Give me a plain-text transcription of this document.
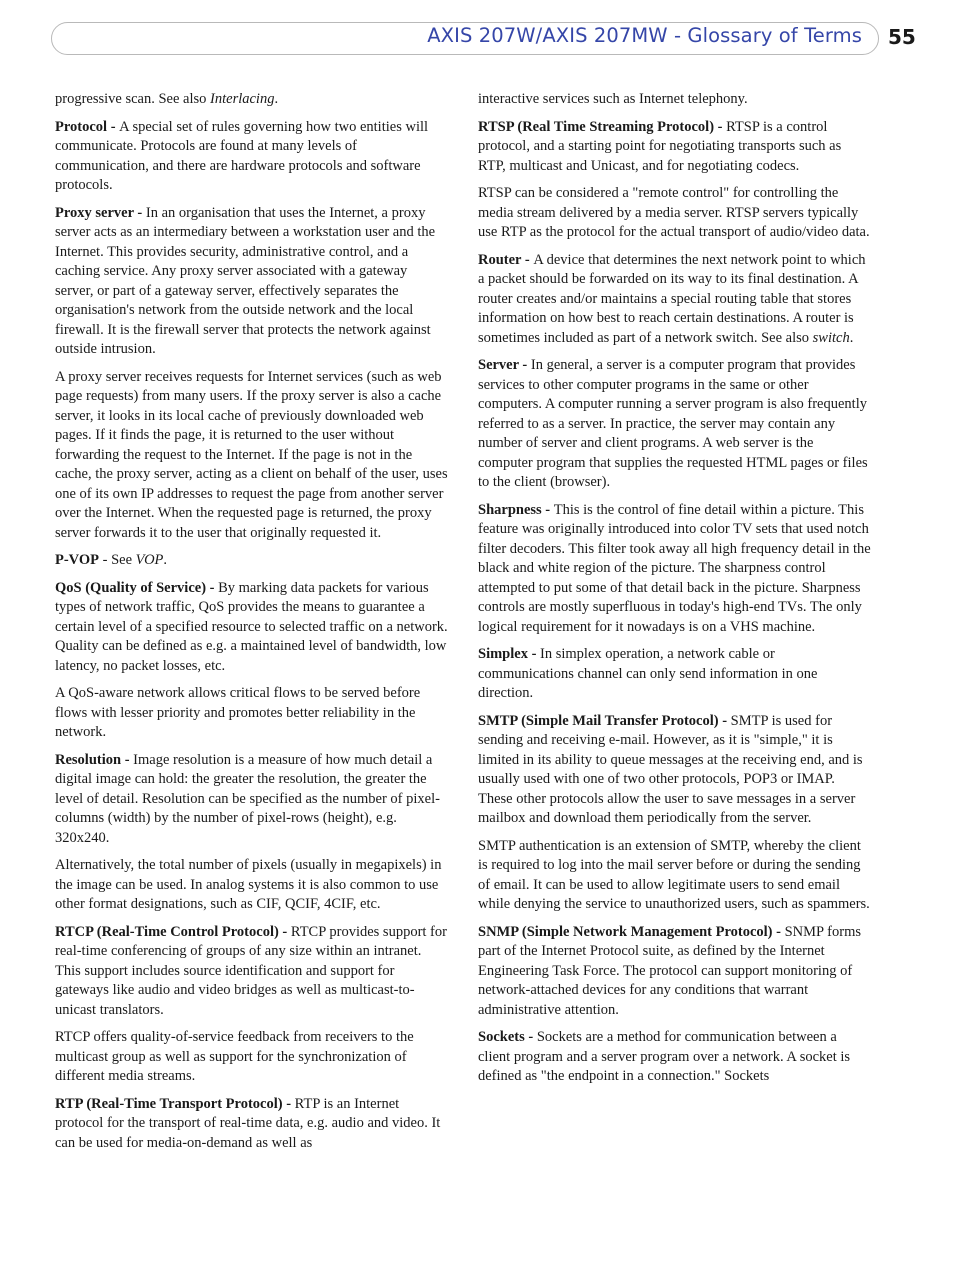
AXIS 207W/AXIS 207MW - Glossary of Terms 55

progressive scan. See also Interlacing.

Protocol - A special set of rules governing how two entities will communicate. Protocols are found at many levels of communication, and there are hardware protocols and software protocols.

Proxy server - In an organisation that uses the Internet, a proxy server acts as an intermediary between a workstation user and the Internet. This provides security, administrative control, and a caching service. Any proxy server associated with a gateway server, or part of a gateway server, effectively separates the organisation's network from the outside network and the local firewall. It is the firewall server that protects the network against outside intrusion.

A proxy server receives requests for Internet services (such as web page requests) from many users. If the proxy server is also a cache server, it looks in its local cache of previously downloaded web pages. If it finds the page, it is returned to the user without forwarding the request to the Internet. If the page is not in the cache, the proxy server, acting as a client on behalf of the user, uses one of its own IP addresses to request the page from another server over the Internet. When the requested page is returned, the proxy server forwards it to the user that originally requested it.

P-VOP - See VOP.

QoS (Quality of Service) - By marking data packets for various types of network traffic, QoS provides the means to guarantee a certain level of a specified resource to selected traffic on a network. Quality can be defined as e.g. a maintained level of bandwidth, low latency, no packet losses, etc.

A QoS-aware network allows critical flows to be served before flows with lesser priority and promotes better reliability in the network.

Resolution - Image resolution is a measure of how much detail a digital image can hold: the greater the resolution, the greater the level of detail. Resolution can be specified as the number of pixel-columns (width) by the number of pixel-rows (height), e.g. 320x240.

Alternatively, the total number of pixels (usually in megapixels) in the image can be used. In analog systems it is also common to use other format designations, such as CIF, QCIF, 4CIF, etc.

RTCP (Real-Time Control Protocol) - RTCP provides support for real-time conferencing of groups of any size within an intranet. This support includes source identification and support for gateways like audio and video bridges as well as multicast-to-unicast translators.

RTCP offers quality-of-service feedback from receivers to the multicast group as well as support for the synchronization of different media streams.

RTP (Real-Time Transport Protocol) - RTP is an Internet protocol for the transport of real-time data, e.g. audio and video. It can be used for media-on-demand as well as

interactive services such as Internet telephony.

RTSP (Real Time Streaming Protocol) - RTSP is a control protocol, and a starting point for negotiating transports such as RTP, multicast and Unicast, and for negotiating codecs.

RTSP can be considered a "remote control" for controlling the media stream delivered by a media server. RTSP servers typically use RTP as the protocol for the actual transport of audio/video data.

Router - A device that determines the next network point to which a packet should be forwarded on its way to its final destination. A router creates and/or maintains a special routing table that stores information on how best to reach certain destinations. A router is sometimes included as part of a network switch. See also switch.

Server - In general, a server is a computer program that provides services to other computer programs in the same or other computers. A computer running a server program is also frequently referred to as a server. In practice, the server may contain any number of server and client programs. A web server is the computer program that supplies the requested HTML pages or files to the client (browser).

Sharpness - This is the control of fine detail within a picture. This feature was originally introduced into color TV sets that used notch filter decoders. This filter took away all high frequency detail in the black and white region of the picture. The sharpness control attempted to put some of that detail back in the picture. Sharpness controls are mostly superfluous in today's high-end TVs. The only logical requirement for it nowadays is on a VHS machine.

Simplex - In simplex operation, a network cable or communications channel can only send information in one direction.

SMTP (Simple Mail Transfer Protocol) - SMTP is used for sending and receiving e-mail. However, as it is "simple," it is limited in its ability to queue messages at the receiving end, and is usually used with one of two other protocols, POP3 or IMAP. These other protocols allow the user to save messages in a server mailbox and download them periodically from the server.

SMTP authentication is an extension of SMTP, whereby the client is required to log into the mail server before or during the sending of email. It can be used to allow legitimate users to send email while denying the service to unauthorized users, such as spammers.

SNMP (Simple Network Management Protocol) - SNMP forms part of the Internet Protocol suite, as defined by the Internet Engineering Task Force. The protocol can support monitoring of network-attached devices for any conditions that warrant administrative attention.

Sockets - Sockets are a method for communication between a client program and a server program over a network. A socket is defined as "the endpoint in a connection." Sockets
